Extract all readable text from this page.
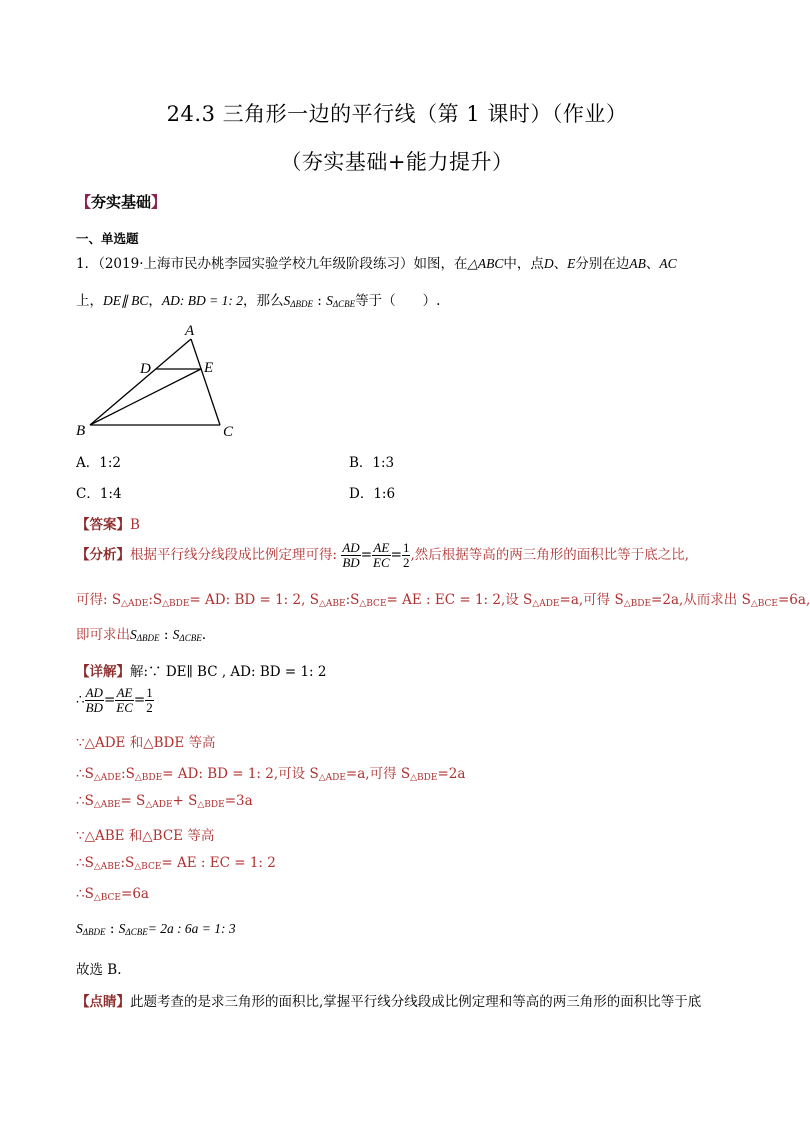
24.3 三角形一边的平行线（第 1 课时）（作业）
（夯实基础+能力提升）
【夯实基础】
一、单选题
1．（2019·上海市民办桃李园实验学校九年级阶段练习）如图，在△ABC中，点D、E分别在边AB、AC
上，DE∥ BC，AD: BD = 1: 2，那么$S_{\Delta BDE}$ : $S_{\Delta CBE}$等于（　　）.
A
D	E
B	C
A．1:2	B．1:3
C．1:4	D．1:6
【答案】B
【分析】根据平行线分线段成比例定理可得: $\frac{AD}{BD} = \frac{AE}{EC} = \frac{1}{2}$ ,然后根据等高的两三角形的面积比等于底之比,
可得: $S_{\triangle ADE}:S_{\triangle BDE}=$ AD: BD = 1: 2, $S_{\triangle ABE}:S_{\triangle BCE}=$ AE : EC = 1: 2,设 $S_{\triangle ADE}=a$,可得 $S_{\triangle BDE}=2a$,从而求出 $S_{\triangle BCE}=6a$,
即可求出$S_{\Delta BDE}$ : $S_{\Delta CBE}$.
【详解】解:∵ DE∥ BC , AD: BD = 1: 2
∴ $\frac{AD}{BD} = \frac{AE}{EC} = \frac{1}{2}$
∵△ADE 和△BDE 等高
$\therefore S_{\triangle ADE}:S_{\triangle BDE}=$ AD: BD = 1: 2,可设 $S_{\triangle ADE}=a$,可得 $S_{\triangle BDE}=2a$
$\therefore S_{\triangle ABE}= S_{\triangle ADE}+ S_{\triangle BDE}=3a$
∵△ABE 和△BCE 等高
$\therefore S_{\triangle ABE}:S_{\triangle BCE}=$ AE : EC = 1: 2
$\therefore S_{\triangle BCE}=6a$
$S_{\Delta BDE}$ : $S_{\Delta CBE}= 2a$ : 6a = 1: 3
故选 B.
【点睛】此题考查的是求三角形的面积比,掌握平行线分线段成比例定理和等高的两三角形的面积比等于底
